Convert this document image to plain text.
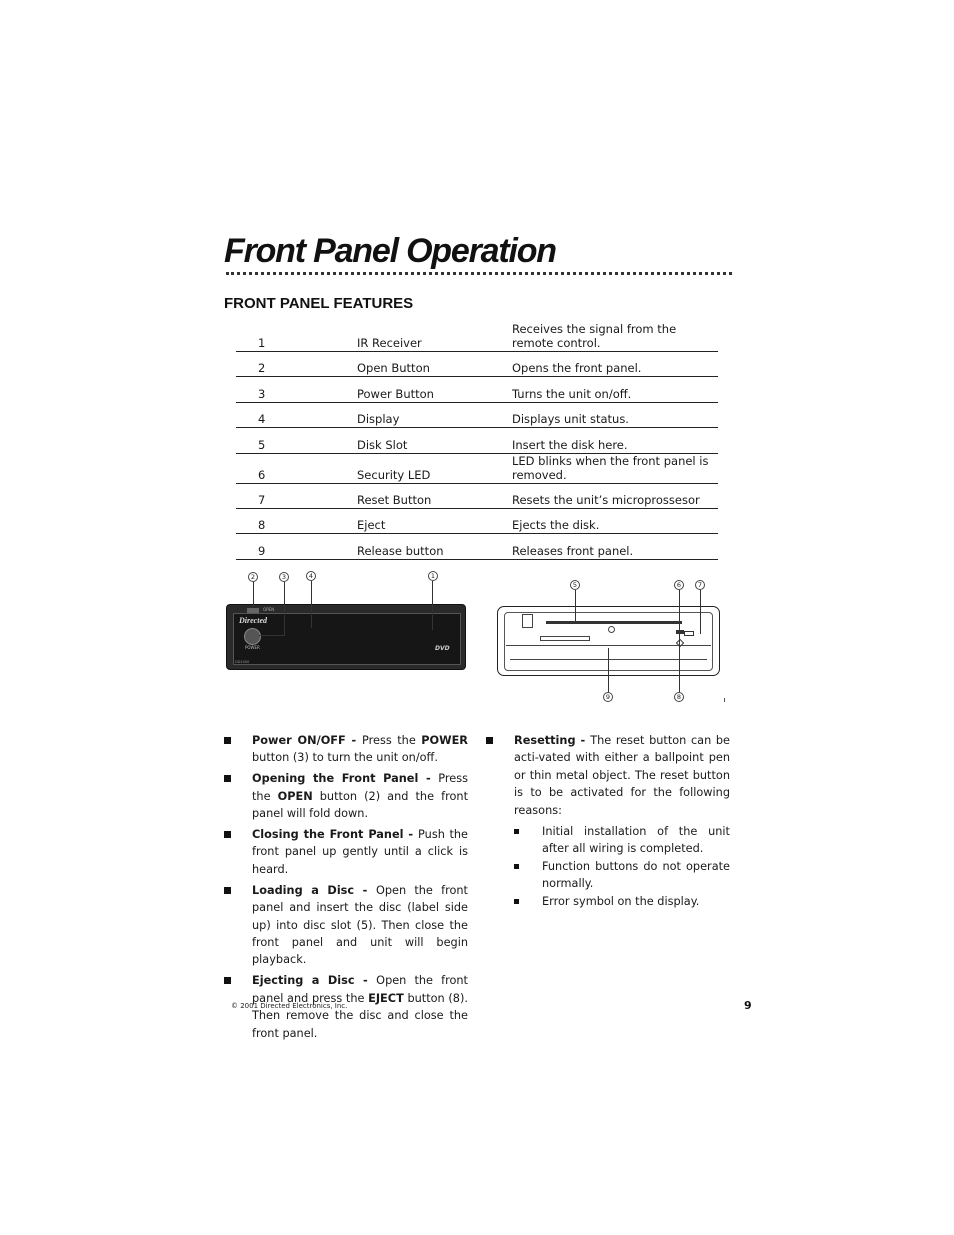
Front Panel Operation
FRONT PANEL FEATURES
1	IR Receiver	Receives the signal from the remote control.
2	Open Button	Opens the front panel.
3	Power Button	Turns the unit on/off.
4	Display	Displays unit status.
5	Disk Slot	Insert the disk here.
6	Security LED	LED blinks when the front panel is removed.
7	Reset Button	Resets the unit’s microprossesor
8	Eject	Ejects the disk.
9	Release button	Releases front panel.
2	3	4	1
OPEN
Directed
POWER	DVD
DD1000
5	6	7
9	8
Power ON/OFF - Press the POWER button (3) to turn the unit on/off.
Opening the Front Panel - Press the OPEN button (2) and the front panel will fold down.
Closing the Front Panel - Push the front panel up gently until a click is heard.
Loading a Disc - Open the front panel and insert the disc (label side up) into disc slot (5). Then close the front panel and unit will begin playback.
Ejecting a Disc - Open the front panel and press the EJECT button (8). Then remove the disc and close the front panel.
Resetting - The reset button can be acti-vated with either a ballpoint pen or thin metal object. The reset button is to be activated for the following reasons:
Initial installation of the unit after all wiring is completed.
Function buttons do not operate normally.
Error symbol on the display.
© 2001 Directed Electronics, Inc.	9
